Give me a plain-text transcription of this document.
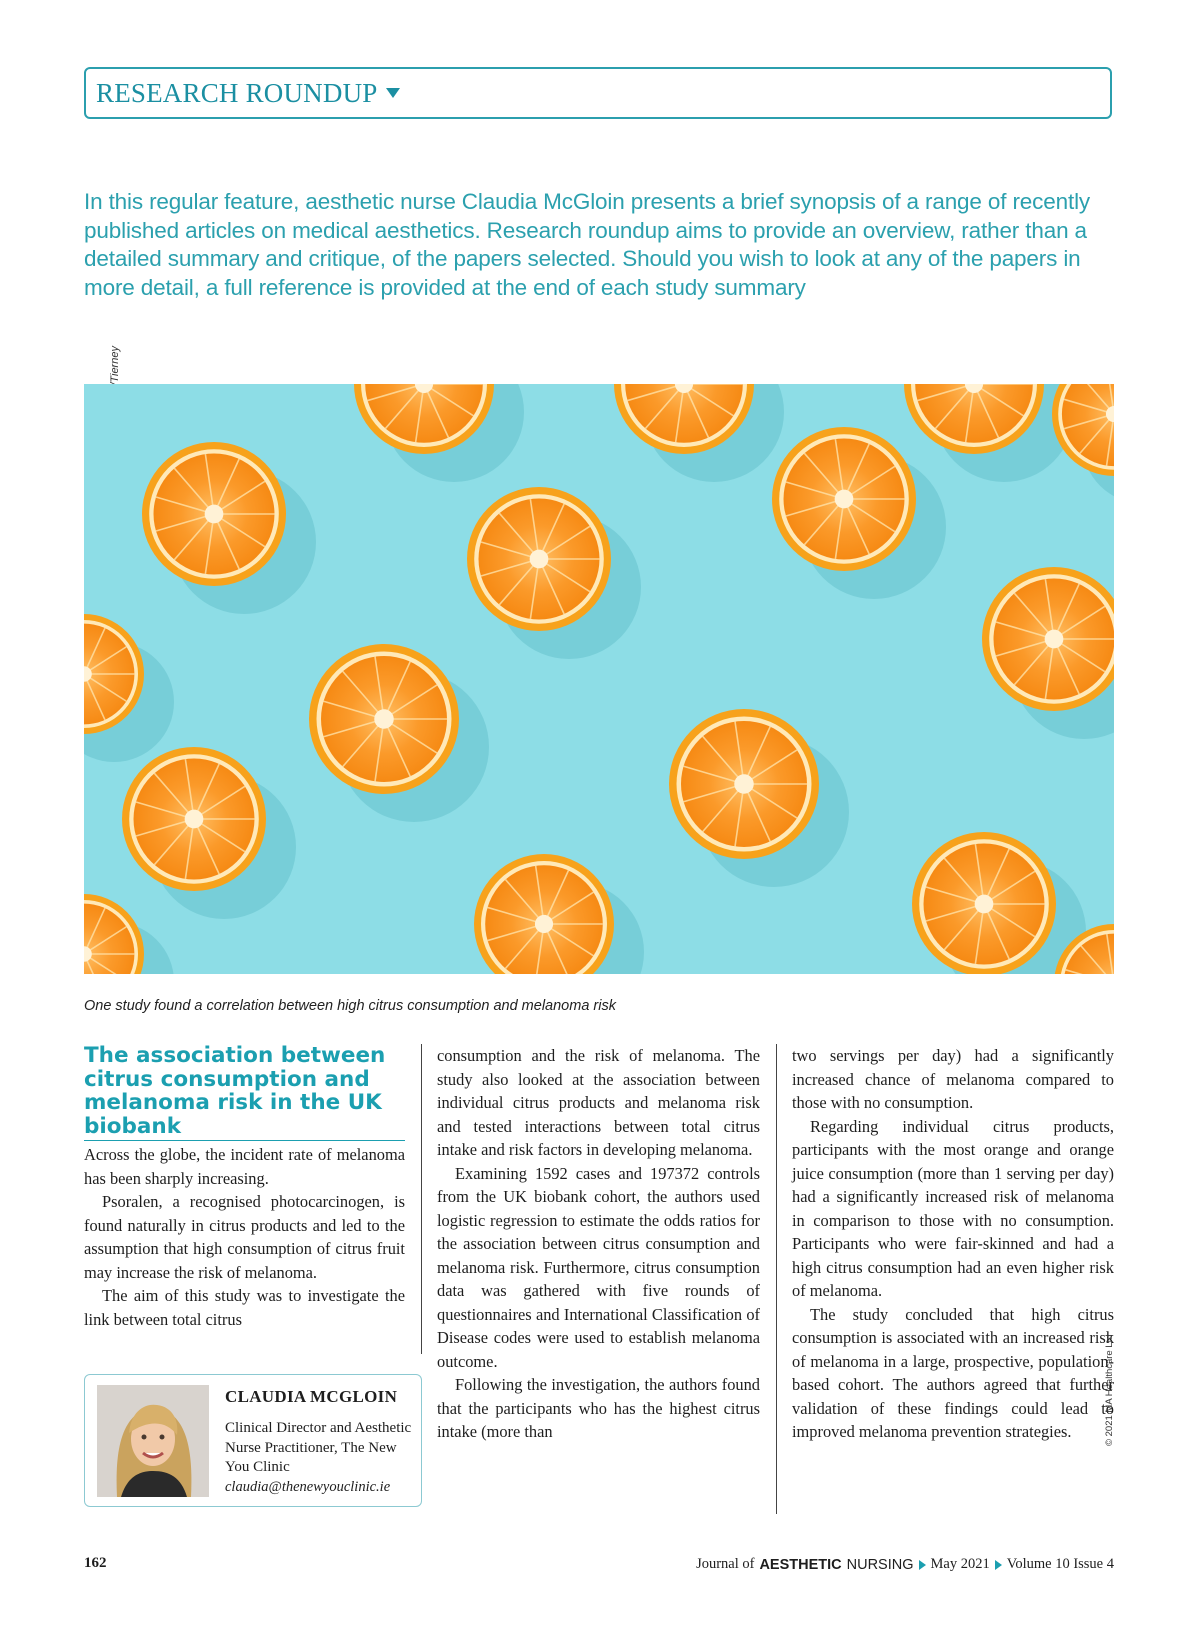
RESEARCH ROUNDUP

In this regular feature, aesthetic nurse Claudia McGloin presents a brief synopsis of a range of recently published articles on medical aesthetics. Research roundup aims to provide an overview, rather than a detailed summary and critique, of the papers selected. Should you wish to look at any of the papers in more detail, a full reference is provided at the end of each study summary

One study found a correlation between high citrus consumption and melanoma risk
The association between citrus consumption and melanoma risk in the UK biobank

Across the globe, the incident rate of melanoma has been sharply increasing.

Psoralen, a recognised photocarcinogen, is found naturally in citrus products and led to the assumption that high consumption of citrus fruit may increase the risk of melanoma.

The aim of this study was to investigate the link between total citrus

consumption and the risk of melanoma. The study also looked at the association between individual citrus products and melanoma risk and tested interactions between total citrus intake and risk factors in developing melanoma.

Examining 1592 cases and 197372 controls from the UK biobank cohort, the authors used logistic regression to estimate the odds ratios for the association between citrus consumption and melanoma risk. Furthermore, citrus consumption data was gathered with five rounds of questionnaires and International Classification of Disease codes were used to establish melanoma outcome.

Following the investigation, the authors found that the participants who has the highest citrus intake (more than

two servings per day) had a significantly increased chance of melanoma compared to those with no consumption.

Regarding individual citrus products, participants with the most orange and orange juice consumption (more than 1 serving per day) had a significantly increased risk of melanoma in comparison to those with no consumption. Participants who were fair-skinned and had a high citrus consumption had an even higher risk of melanoma.

The study concluded that high citrus consumption is associated with an increased risk of melanoma in a large, prospective, population-based cohort. The authors agreed that further validation of these findings could lead to improved melanoma prevention strategies.

CLAUDIA MCGLOIN
Clinical Director and Aesthetic Nurse Practitioner, The New You Clinic
claudia@thenewyouclinic.ie
© 2021 MA Healthcare Ltd
162	Journal of AESTHETIC NURSING May 2021 Volume 10 Issue 4
